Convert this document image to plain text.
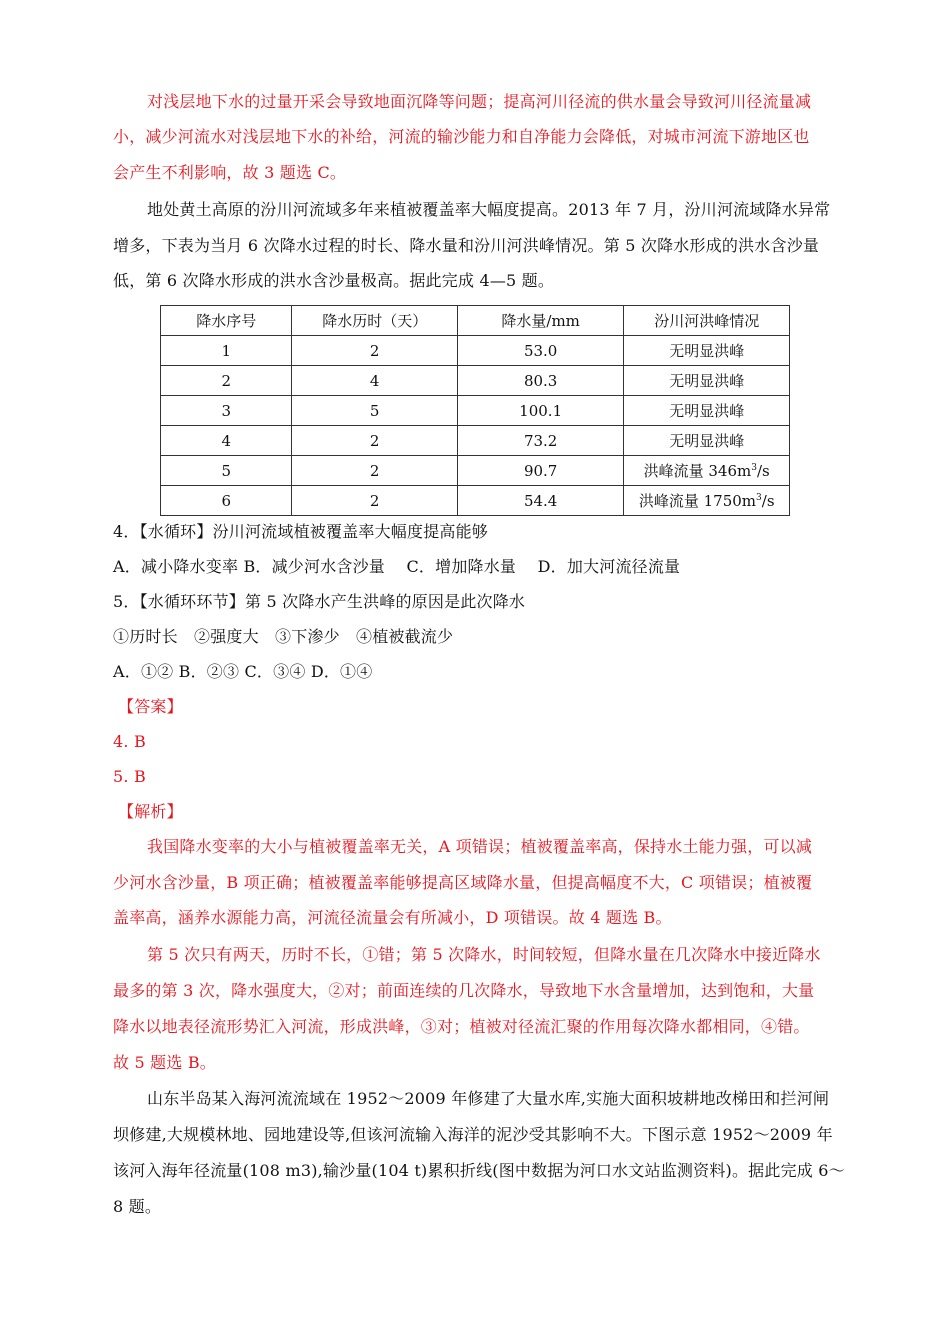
对浅层地下水的过量开采会导致地面沉降等问题；提高河川径流的供水量会导致河川径流量减
小，减少河流水对浅层地下水的补给，河流的输沙能力和自净能力会降低，对城市河流下游地区也
会产生不利影响，故 3 题选 C。
地处黄土高原的汾川河流域多年来植被覆盖率大幅度提高。2013 年 7 月，汾川河流域降水异常
增多，下表为当月 6 次降水过程的时长、降水量和汾川河洪峰情况。第 5 次降水形成的洪水含沙量
低，第 6 次降水形成的洪水含沙量极高。据此完成 4—5 题。
降水序号	降水历时（天）	降水量/mm	汾川河洪峰情况
1	2	53.0	无明显洪峰
2	4	80.3	无明显洪峰
3	5	100.1	无明显洪峰
4	2	73.2	无明显洪峰
5	2	90.7	洪峰流量 $346m^3/s$
6	2	54.4	洪峰流量 $1750m^3/s$
4．【水循环】汾川河流域植被覆盖率大幅度提高能够
A．减小降水变率 B．减少河水含沙量　 C．增加降水量　 D．加大河流径流量
5．【水循环环节】第 5 次降水产生洪峰的原因是此次降水
①历时长　②强度大　③下渗少　④植被截流少
A．①② B．②③ C．③④ D．①④
【答案】
4. B
5. B
【解析】
我国降水变率的大小与植被覆盖率无关，A 项错误；植被覆盖率高，保持水土能力强，可以减
少河水含沙量，B 项正确；植被覆盖率能够提高区域降水量，但提高幅度不大，C 项错误；植被覆
盖率高，涵养水源能力高，河流径流量会有所减小，D 项错误。故 4 题选 B。
第 5 次只有两天，历时不长，①错；第 5 次降水，时间较短，但降水量在几次降水中接近降水
最多的第 3 次，降水强度大，②对；前面连续的几次降水，导致地下水含量增加，达到饱和，大量
降水以地表径流形势汇入河流，形成洪峰，③对；植被对径流汇聚的作用每次降水都相同，④错。
故 5 题选 B。
山东半岛某入海河流流域在 1952～2009 年修建了大量水库,实施大面积坡耕地改梯田和拦河闸
坝修建,大规模林地、园地建设等,但该河流输入海洋的泥沙受其影响不大。下图示意 1952～2009 年
该河入海年径流量(108 m3),输沙量(104 t)累积折线(图中数据为河口水文站监测资料)。据此完成 6～
8 题。
